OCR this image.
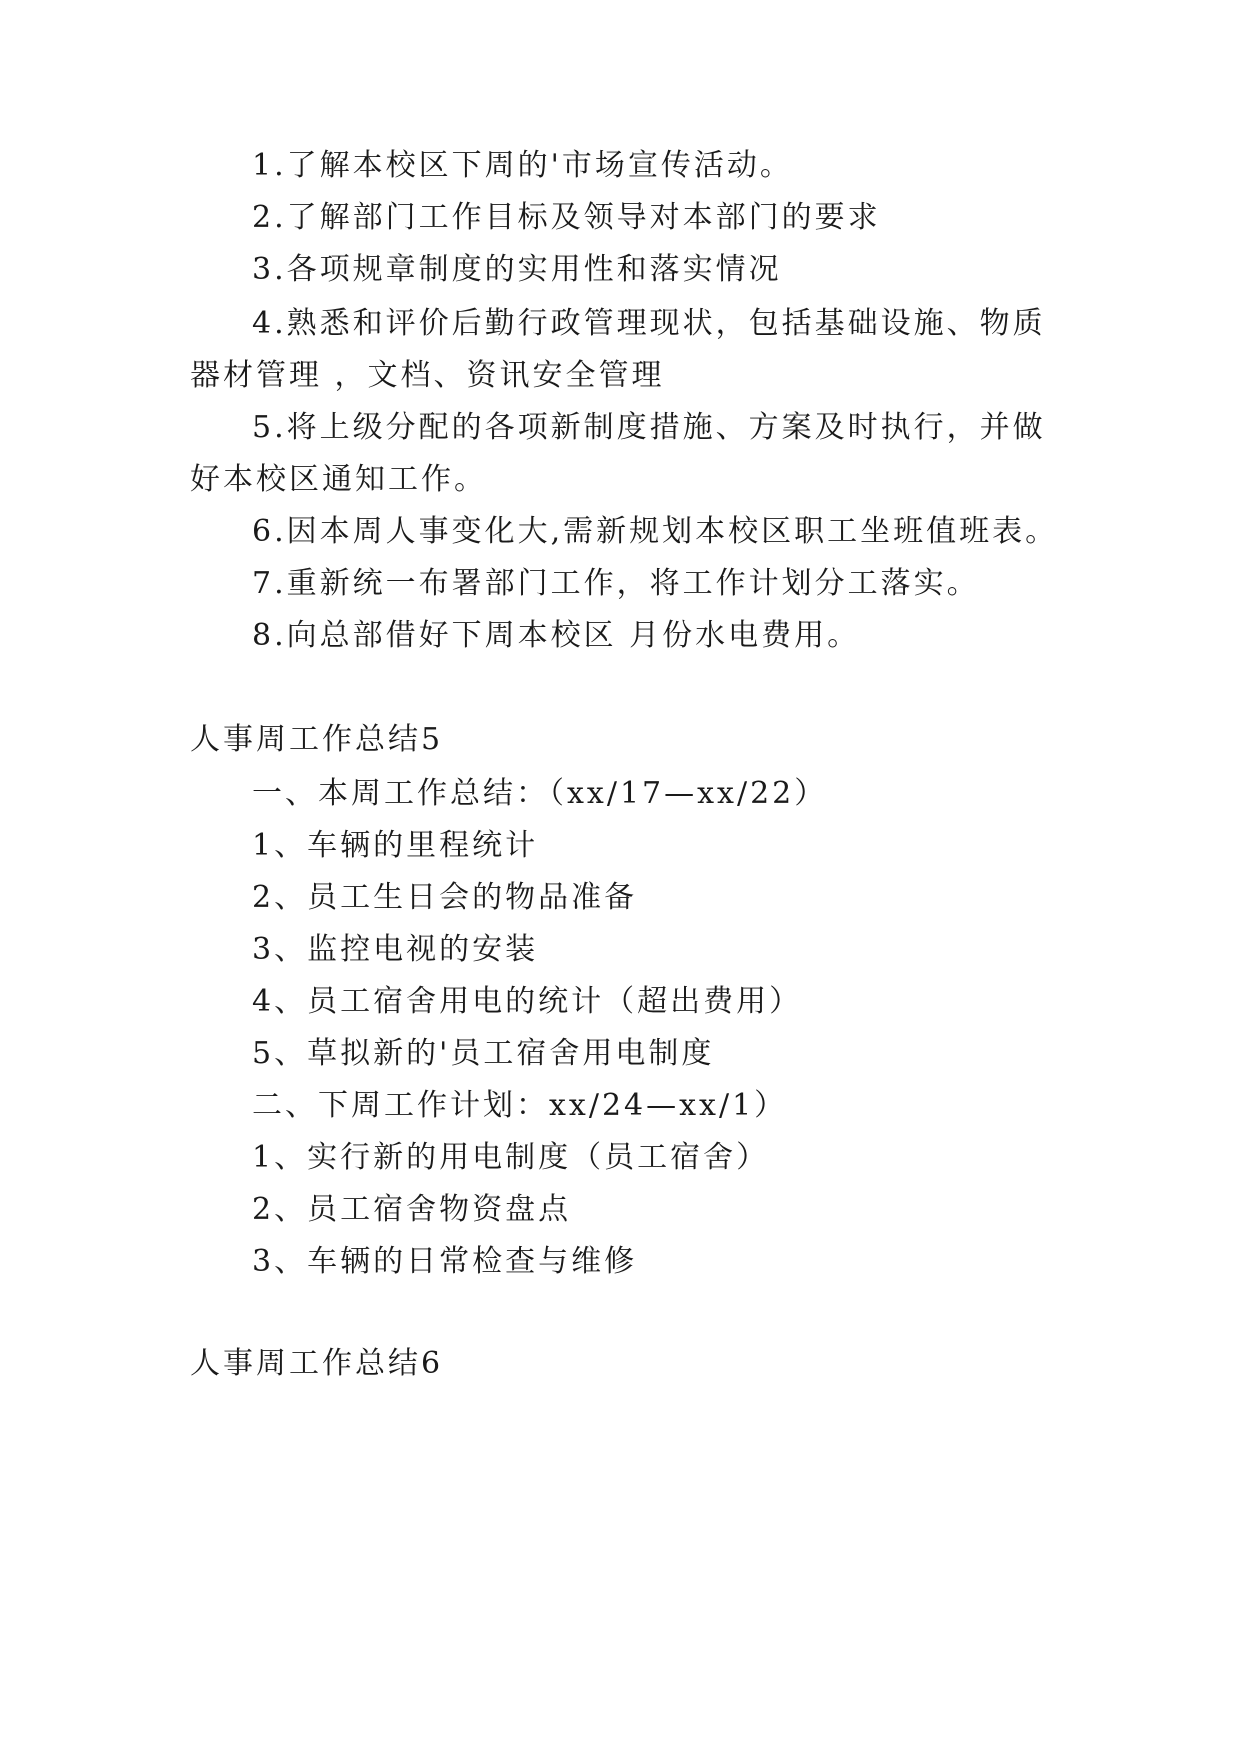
1.了解本校区下周的'市场宣传活动。
2.了解部门工作目标及领导对本部门的要求
3.各项规章制度的实用性和落实情况
4.熟悉和评价后勤行政管理现状，包括基础设施、物质
器材管理 ，文档、资讯安全管理
5.将上级分配的各项新制度措施、方案及时执行，并做
好本校区通知工作。
6.因本周人事变化大,需新规划本校区职工坐班值班表。
7.重新统一布署部门工作，将工作计划分工落实。
8.向总部借好下周本校区 月份水电费用。
人事周工作总结5
一、本周工作总结：（xx/17—xx/22）
1、车辆的里程统计
2、员工生日会的物品准备
3、监控电视的安装
4、员工宿舍用电的统计（超出费用）
5、草拟新的'员工宿舍用电制度
二、下周工作计划：xx/24—xx/1）
1、实行新的用电制度（员工宿舍）
2、员工宿舍物资盘点
3、车辆的日常检查与维修
人事周工作总结6
